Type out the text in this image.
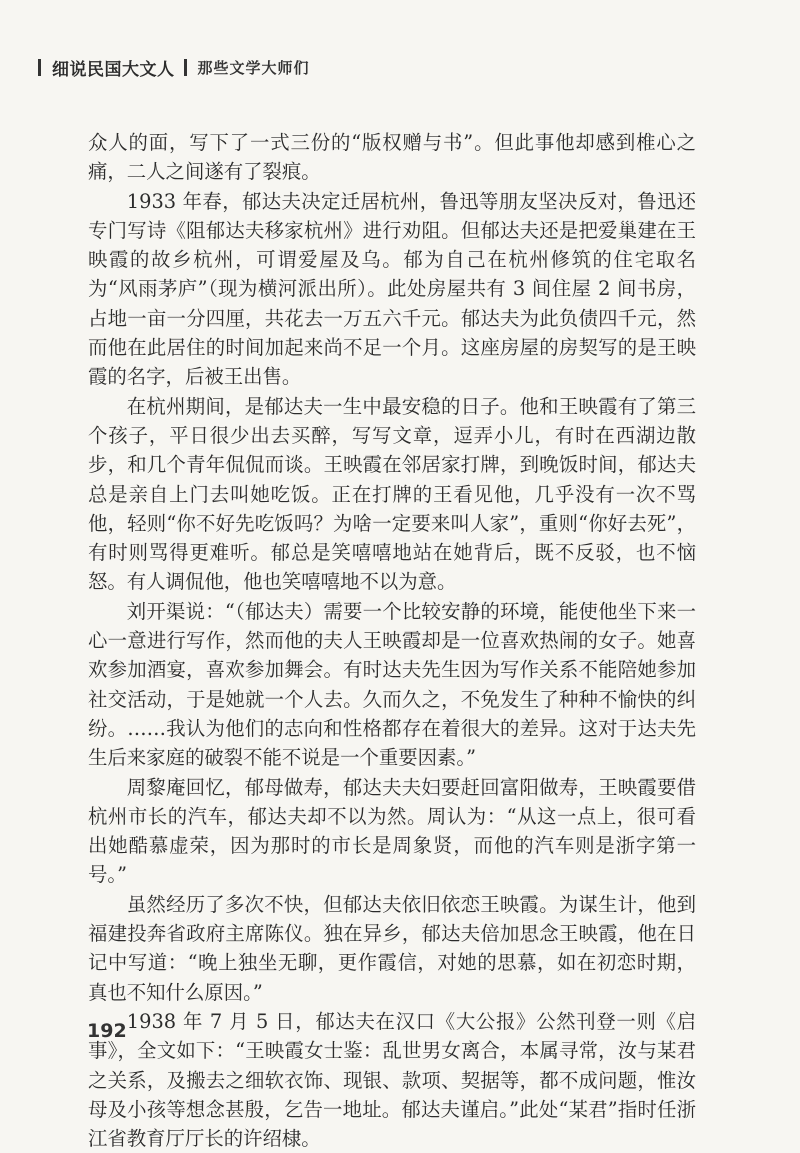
细说民国大文人 那些文学大师们

众人的面，写下了一式三份的“版权赠与书”。但此事他却感到椎心之痛，二人之间遂有了裂痕。

1933 年春，郁达夫决定迁居杭州，鲁迅等朋友坚决反对，鲁迅还专门写诗《阻郁达夫移家杭州》进行劝阻。但郁达夫还是把爱巢建在王映霞的故乡杭州，可谓爱屋及乌。郁为自己在杭州修筑的住宅取名为“风雨茅庐”（现为横河派出所）。此处房屋共有 3 间住屋 2 间书房，占地一亩一分四厘，共花去一万五六千元。郁达夫为此负债四千元，然而他在此居住的时间加起来尚不足一个月。这座房屋的房契写的是王映霞的名字，后被王出售。

在杭州期间，是郁达夫一生中最安稳的日子。他和王映霞有了第三个孩子，平日很少出去买醉，写写文章，逗弄小儿，有时在西湖边散步，和几个青年侃侃而谈。王映霞在邻居家打牌，到晚饭时间，郁达夫总是亲自上门去叫她吃饭。正在打牌的王看见他，几乎没有一次不骂他，轻则“你不好先吃饭吗？为啥一定要来叫人家”，重则“你好去死”，有时则骂得更难听。郁总是笑嘻嘻地站在她背后，既不反驳，也不恼怒。有人调侃他，他也笑嘻嘻地不以为意。

刘开渠说：“（郁达夫）需要一个比较安静的环境，能使他坐下来一心一意进行写作，然而他的夫人王映霞却是一位喜欢热闹的女子。她喜欢参加酒宴，喜欢参加舞会。有时达夫先生因为写作关系不能陪她参加社交活动，于是她就一个人去。久而久之，不免发生了种种不愉快的纠纷。……我认为他们的志向和性格都存在着很大的差异。这对于达夫先生后来家庭的破裂不能不说是一个重要因素。”

周黎庵回忆，郁母做寿，郁达夫夫妇要赶回富阳做寿，王映霞要借杭州市长的汽车，郁达夫却不以为然。周认为：“从这一点上，很可看出她酷慕虚荣，因为那时的市长是周象贤，而他的汽车则是浙字第一号。”

虽然经历了多次不快，但郁达夫依旧依恋王映霞。为谋生计，他到福建投奔省政府主席陈仪。独在异乡，郁达夫倍加思念王映霞，他在日记中写道：“晚上独坐无聊，更作霞信，对她的思慕，如在初恋时期，真也不知什么原因。”

1938 年 7 月 5 日，郁达夫在汉口《大公报》公然刊登一则《启事》，全文如下：“王映霞女士鉴：乱世男女离合，本属寻常，汝与某君之关系，及搬去之细软衣饰、现银、款项、契据等，都不成问题，惟汝母及小孩等想念甚殷，乞告一地址。郁达夫谨启。”此处“某君”指时任浙江省教育厅厅长的许绍棣。

192
